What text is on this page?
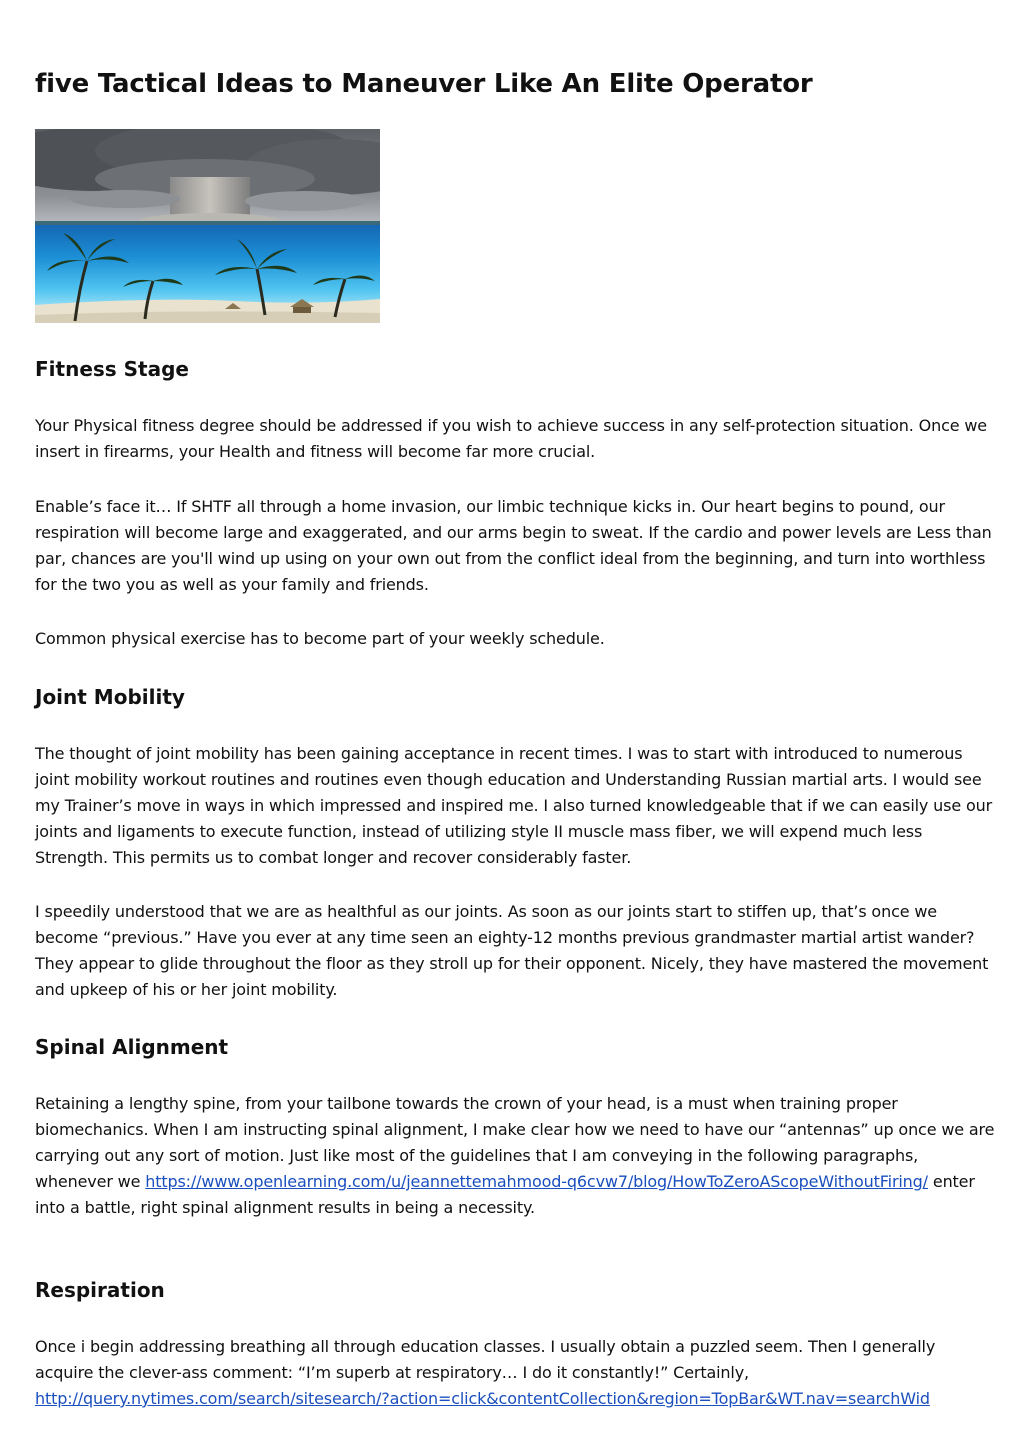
five Tactical Ideas to Maneuver Like An Elite Operator
Fitness Stage

Your Physical fitness degree should be addressed if you wish to achieve success in any self-protection situation. Once we insert in firearms, your Health and fitness will become far more crucial.

Enable’s face it… If SHTF all through a home invasion, our limbic technique kicks in. Our heart begins to pound, our respiration will become large and exaggerated, and our arms begin to sweat. If the cardio and power levels are Less than par, chances are you'll wind up using on your own out from the conflict ideal from the beginning, and turn into worthless for the two you as well as your family and friends.

Common physical exercise has to become part of your weekly schedule.

Joint Mobility

The thought of joint mobility has been gaining acceptance in recent times. I was to start with introduced to numerous joint mobility workout routines and routines even though education and Understanding Russian martial arts. I would see my Trainer’s move in ways in which impressed and inspired me. I also turned knowledgeable that if we can easily use our joints and ligaments to execute function, instead of utilizing style II muscle mass fiber, we will expend much less Strength. This permits us to combat longer and recover considerably faster.

I speedily understood that we are as healthful as our joints. As soon as our joints start to stiffen up, that’s once we become “previous.” Have you ever at any time seen an eighty-12 months previous grandmaster martial artist wander? They appear to glide throughout the floor as they stroll up for their opponent. Nicely, they have mastered the movement and upkeep of his or her joint mobility.

Spinal Alignment

Retaining a lengthy spine, from your tailbone towards the crown of your head, is a must when training proper biomechanics. When I am instructing spinal alignment, I make clear how we need to have our “antennas” up once we are carrying out any sort of motion. Just like most of the guidelines that I am conveying in the following paragraphs, whenever we https://www.openlearning.com/u/jeannettemahmood-q6cvw7/blog/HowToZeroAScopeWithoutFiring/ enter into a battle, right spinal alignment results in being a necessity.

Respiration

Once i begin addressing breathing all through education classes. I usually obtain a puzzled seem. Then I generally acquire the clever-ass comment: “I’m superb at respiratory… I do it constantly!” Certainly,
http://query.nytimes.com/search/sitesearch/?action=click&contentCollection&region=TopBar&WT.nav=searchWid
